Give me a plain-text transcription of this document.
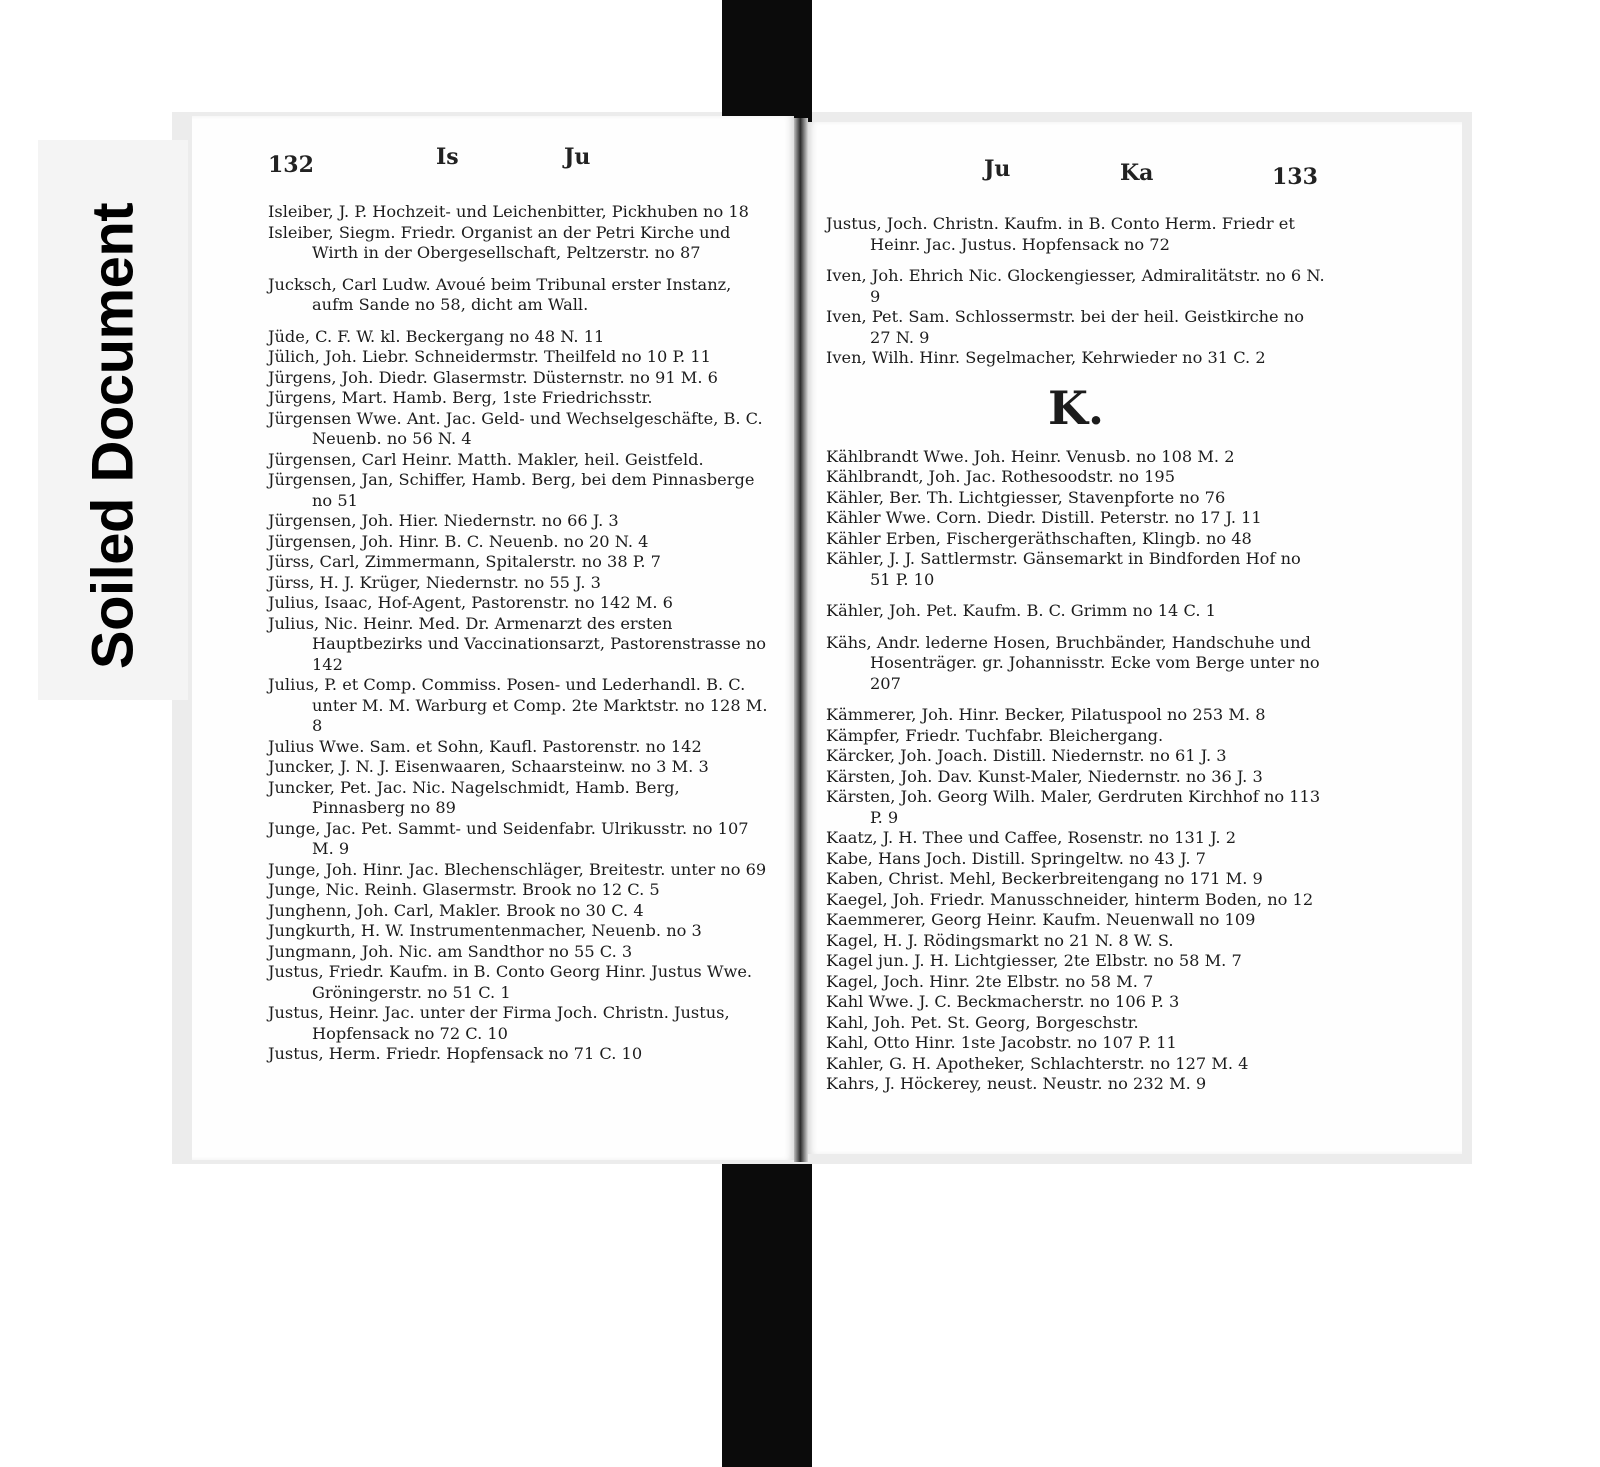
132	Is	Ju
Isleiber, J. P. Hochzeit- und Leichenbitter, Pickhuben no 18
Isleiber, Siegm. Friedr. Organist an der Petri Kirche und Wirth in der Obergesellschaft, Peltzerstr. no 87
Jucksch, Carl Ludw. Avoué beim Tribunal erster Instanz, aufm Sande no 58, dicht am Wall.
Jüde, C. F. W. kl. Beckergang no 48 N. 11
Jülich, Joh. Liebr. Schneidermstr. Theilfeld no 10 P. 11
Jürgens, Joh. Diedr. Glasermstr. Düsternstr. no 91 M. 6
Jürgens, Mart. Hamb. Berg, 1ste Friedrichsstr.
Jürgensen Wwe. Ant. Jac. Geld- und Wechselgeschäfte, B. C. Neuenb. no 56 N. 4
Jürgensen, Carl Heinr. Matth. Makler, heil. Geistfeld.
Jürgensen, Jan, Schiffer, Hamb. Berg, bei dem Pinnasberge no 51
Jürgensen, Joh. Hier. Niedernstr. no 66 J. 3
Jürgensen, Joh. Hinr. B. C. Neuenb. no 20 N. 4
Jürss, Carl, Zimmermann, Spitalerstr. no 38 P. 7
Jürss, H. J. Krüger, Niedernstr. no 55 J. 3
Julius, Isaac, Hof-Agent, Pastorenstr. no 142 M. 6
Julius, Nic. Heinr. Med. Dr. Armenarzt des ersten Hauptbezirks und Vaccinationsarzt, Pastorenstrasse no 142
Julius, P. et Comp. Commiss. Posen- und Lederhandl. B. C. unter M. M. Warburg et Comp. 2te Marktstr. no 128 M. 8
Julius Wwe. Sam. et Sohn, Kaufl. Pastorenstr. no 142
Juncker, J. N. J. Eisenwaaren, Schaarsteinw. no 3 M. 3
Juncker, Pet. Jac. Nic. Nagelschmidt, Hamb. Berg, Pinnasberg no 89
Junge, Jac. Pet. Sammt- und Seidenfabr. Ulrikusstr. no 107 M. 9
Junge, Joh. Hinr. Jac. Blechenschläger, Breitestr. unter no 69
Junge, Nic. Reinh. Glasermstr. Brook no 12 C. 5
Junghenn, Joh. Carl, Makler. Brook no 30 C. 4
Jungkurth, H. W. Instrumentenmacher, Neuenb. no 3
Jungmann, Joh. Nic. am Sandthor no 55 C. 3
Justus, Friedr. Kaufm. in B. Conto Georg Hinr. Justus Wwe. Gröningerstr. no 51 C. 1
Justus, Heinr. Jac. unter der Firma Joch. Christn. Justus, Hopfensack no 72 C. 10
Justus, Herm. Friedr. Hopfensack no 71 C. 10
Ju	Ka	133
Justus, Joch. Christn. Kaufm. in B. Conto Herm. Friedr et Heinr. Jac. Justus. Hopfensack no 72
Iven, Joh. Ehrich Nic. Glockengiesser, Admiralitätstr. no 6 N. 9
Iven, Pet. Sam. Schlossermstr. bei der heil. Geistkirche no 27 N. 9
Iven, Wilh. Hinr. Segelmacher, Kehrwieder no 31 C. 2
K.
Kählbrandt Wwe. Joh. Heinr. Venusb. no 108 M. 2
Kählbrandt, Joh. Jac. Rothesoodstr. no 195
Kähler, Ber. Th. Lichtgiesser, Stavenpforte no 76
Kähler Wwe. Corn. Diedr. Distill. Peterstr. no 17 J. 11
Kähler Erben, Fischergeräthschaften, Klingb. no 48
Kähler, J. J. Sattlermstr. Gänsemarkt in Bindforden Hof no 51 P. 10
Kähler, Joh. Pet. Kaufm. B. C. Grimm no 14 C. 1
Kähs, Andr. lederne Hosen, Bruchbänder, Handschuhe und Hosenträger. gr. Johannisstr. Ecke vom Berge unter no 207
Kämmerer, Joh. Hinr. Becker, Pilatuspool no 253 M. 8
Kämpfer, Friedr. Tuchfabr. Bleichergang.
Kärcker, Joh. Joach. Distill. Niedernstr. no 61 J. 3
Kärsten, Joh. Dav. Kunst-Maler, Niedernstr. no 36 J. 3
Kärsten, Joh. Georg Wilh. Maler, Gerdruten Kirchhof no 113 P. 9
Kaatz, J. H. Thee und Caffee, Rosenstr. no 131 J. 2
Kabe, Hans Joch. Distill. Springeltw. no 43 J. 7
Kaben, Christ. Mehl, Beckerbreitengang no 171 M. 9
Kaegel, Joh. Friedr. Manusschneider, hinterm Boden, no 12
Kaemmerer, Georg Heinr. Kaufm. Neuenwall no 109
Kagel, H. J. Rödingsmarkt no 21 N. 8 W. S.
Kagel jun. J. H. Lichtgiesser, 2te Elbstr. no 58 M. 7
Kagel, Joch. Hinr. 2te Elbstr. no 58 M. 7
Kahl Wwe. J. C. Beckmacherstr. no 106 P. 3
Kahl, Joh. Pet. St. Georg, Borgeschstr.
Kahl, Otto Hinr. 1ste Jacobstr. no 107 P. 11
Kahler, G. H. Apotheker, Schlachterstr. no 127 M. 4
Kahrs, J. Höckerey, neust. Neustr. no 232 M. 9
Soiled Document
